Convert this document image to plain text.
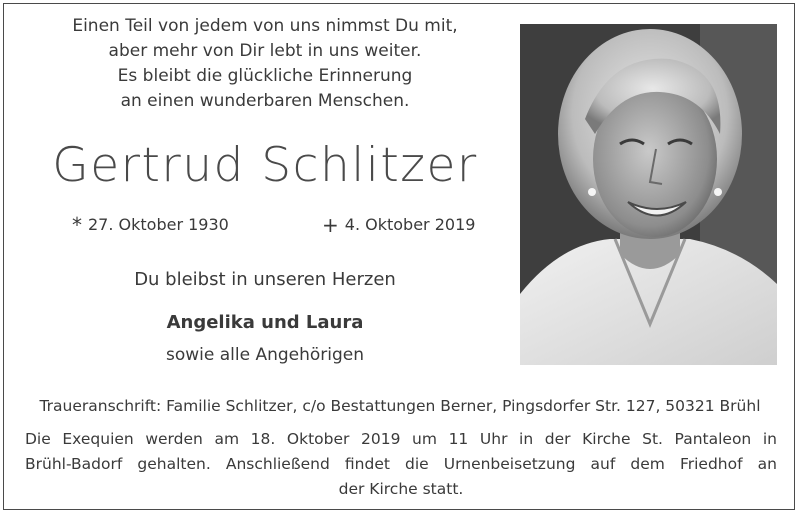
Einen Teil von jedem von uns nimmst Du mit,
aber mehr von Dir lebt in uns weiter.
Es bleibt die glückliche Erinnerung
an einen wunderbaren Menschen.
Gertrud Schlitzer
* 27. Oktober 1930	+ 4. Oktober 2019
Du bleibst in unseren Herzen
Angelika und Laura
sowie alle Angehörigen
Traueranschrift: Familie Schlitzer, c/o Bestattungen Berner, Pingsdorfer Str. 127, 50321 Brühl
Die Exequien werden am 18. Oktober 2019 um 11 Uhr in der Kirche St. Pantaleon in
Brühl-Badorf gehalten. Anschließend findet die Urnenbeisetzung auf dem Friedhof an
der Kirche statt.
